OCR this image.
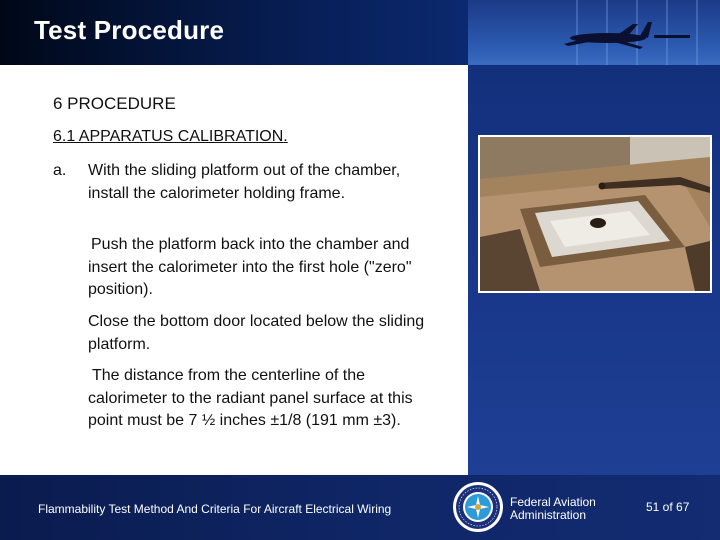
Test Procedure
6 PROCEDURE
6.1 APPARATUS CALIBRATION.
a. With the sliding platform out of the chamber, install the calorimeter holding frame.
Push the platform back into the chamber and insert the calorimeter into the first hole ("zero" position).
Close the bottom door located below the sliding platform.
The distance from the centerline of the calorimeter to the radiant panel surface at this point must be 7 ½ inches ±1/8 (191 mm ±3).
Flammability Test Method And Criteria For Aircraft Electrical Wiring	Federal Aviation
Administration
51 of 67
